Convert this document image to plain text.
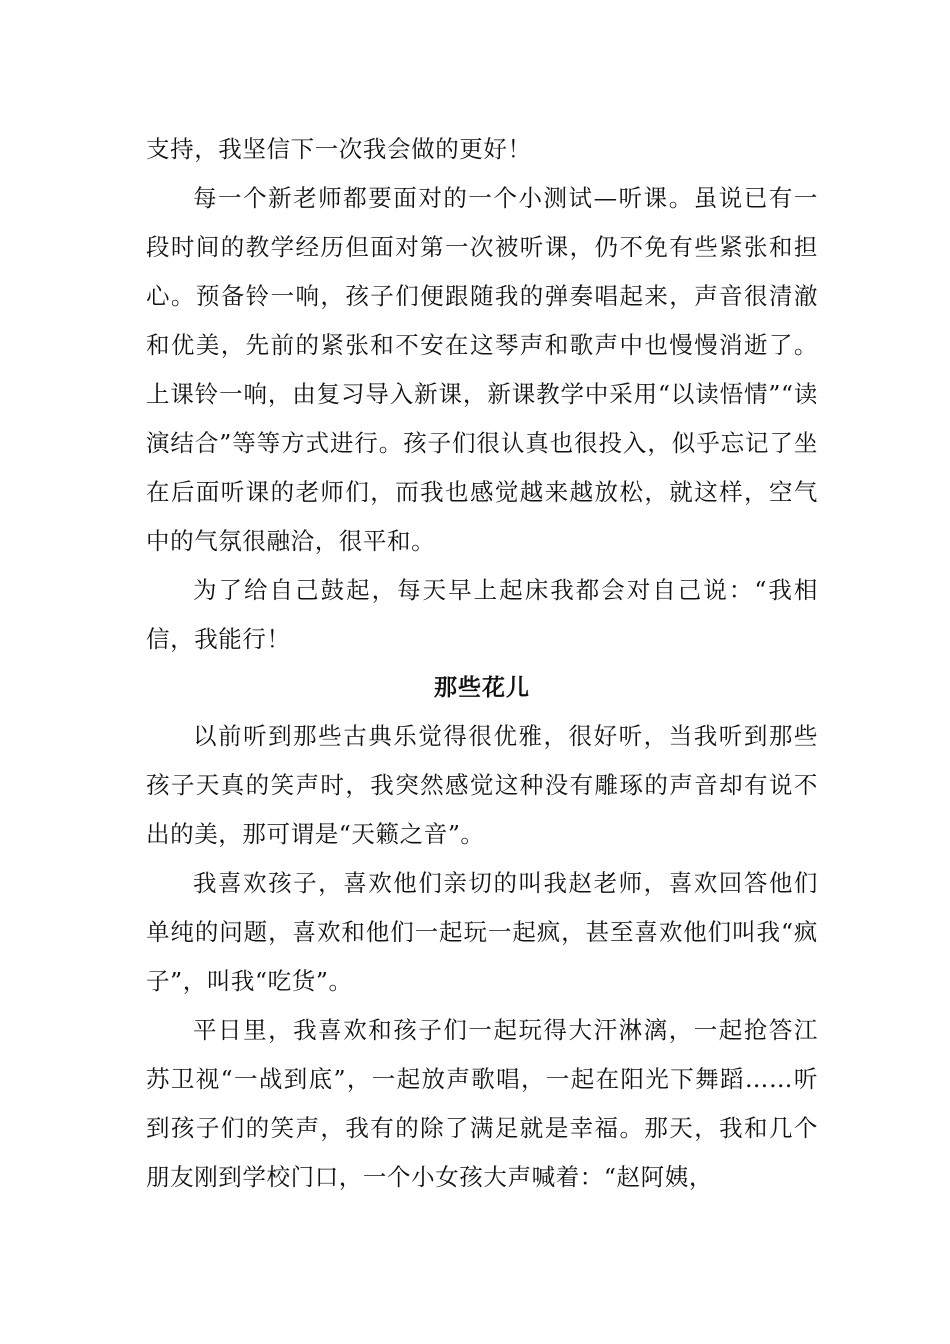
支持，我坚信下一次我会做的更好！

每一个新老师都要面对的一个小测试—听课。虽说已有一段时间的教学经历但面对第一次被听课，仍不免有些紧张和担心。预备铃一响，孩子们便跟随我的弹奏唱起来，声音很清澈和优美，先前的紧张和不安在这琴声和歌声中也慢慢消逝了。上课铃一响，由复习导入新课，新课教学中采用“以读悟情”“读演结合”等等方式进行。孩子们很认真也很投入，似乎忘记了坐在后面听课的老师们，而我也感觉越来越放松，就这样，空气中的气氛很融洽，很平和。

为了给自己鼓起，每天早上起床我都会对自己说：“我相信，我能行！

那些花儿

以前听到那些古典乐觉得很优雅，很好听，当我听到那些孩子天真的笑声时，我突然感觉这种没有雕琢的声音却有说不出的美，那可谓是“天籁之音”。

我喜欢孩子，喜欢他们亲切的叫我赵老师，喜欢回答他们单纯的问题，喜欢和他们一起玩一起疯，甚至喜欢他们叫我“疯子”，叫我“吃货”。

平日里，我喜欢和孩子们一起玩得大汗淋漓，一起抢答江苏卫视“一战到底”，一起放声歌唱，一起在阳光下舞蹈……听到孩子们的笑声，我有的除了满足就是幸福。那天，我和几个朋友刚到学校门口，一个小女孩大声喊着：“赵阿姨，
